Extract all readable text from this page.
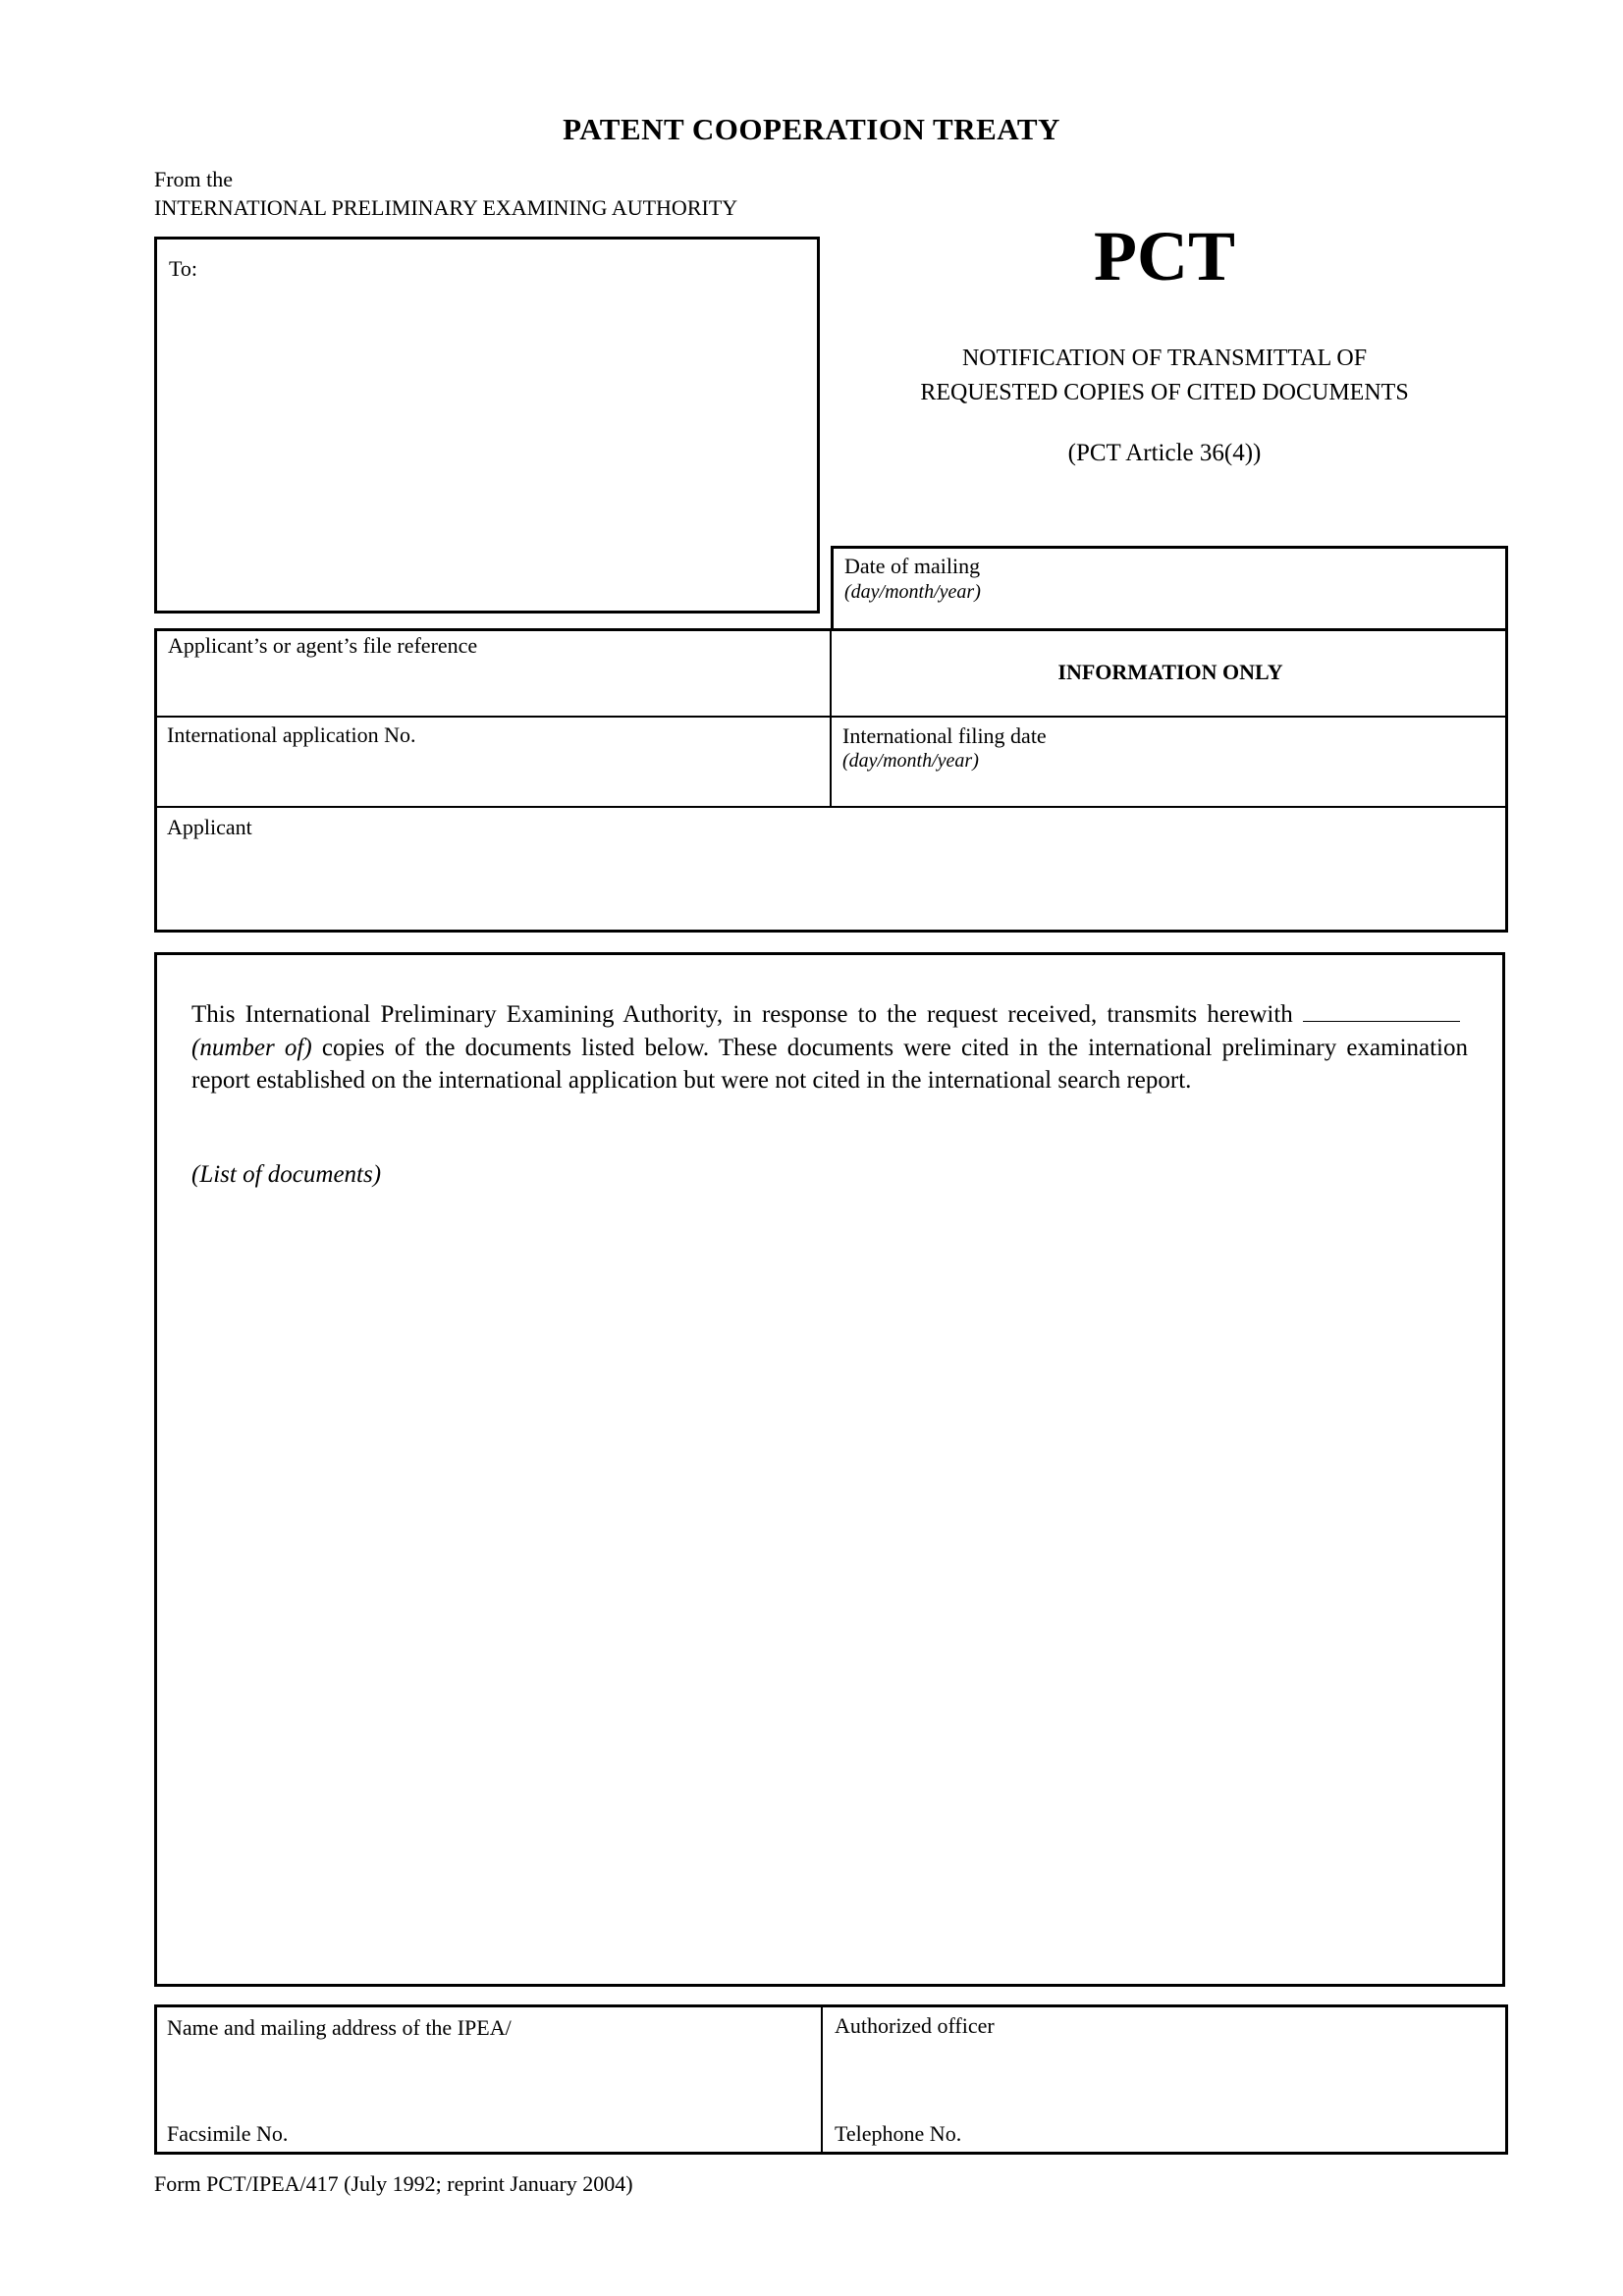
PATENT COOPERATION TREATY
From the
INTERNATIONAL PRELIMINARY EXAMINING AUTHORITY
To:	PCT
NOTIFICATION OF TRANSMITTAL OF
REQUESTED COPIES OF CITED DOCUMENTS
(PCT Article 36(4))
Date of mailing
(day/month/year)
Applicant’s or agent’s file reference
INFORMATION ONLY
International application No.	International filing date
(day/month/year)
Applicant
This International Preliminary Examining Authority, in response to the request received, transmits herewith (number of) copies of the documents listed below. These documents were cited in the international preliminary examination report established on the international application but were not cited in the international search report.
(List of documents)
Name and mailing address of the IPEA/
Facsimile No.
Authorized officer
Telephone No.
Form PCT/IPEA/417 (July 1992; reprint January 2004)
